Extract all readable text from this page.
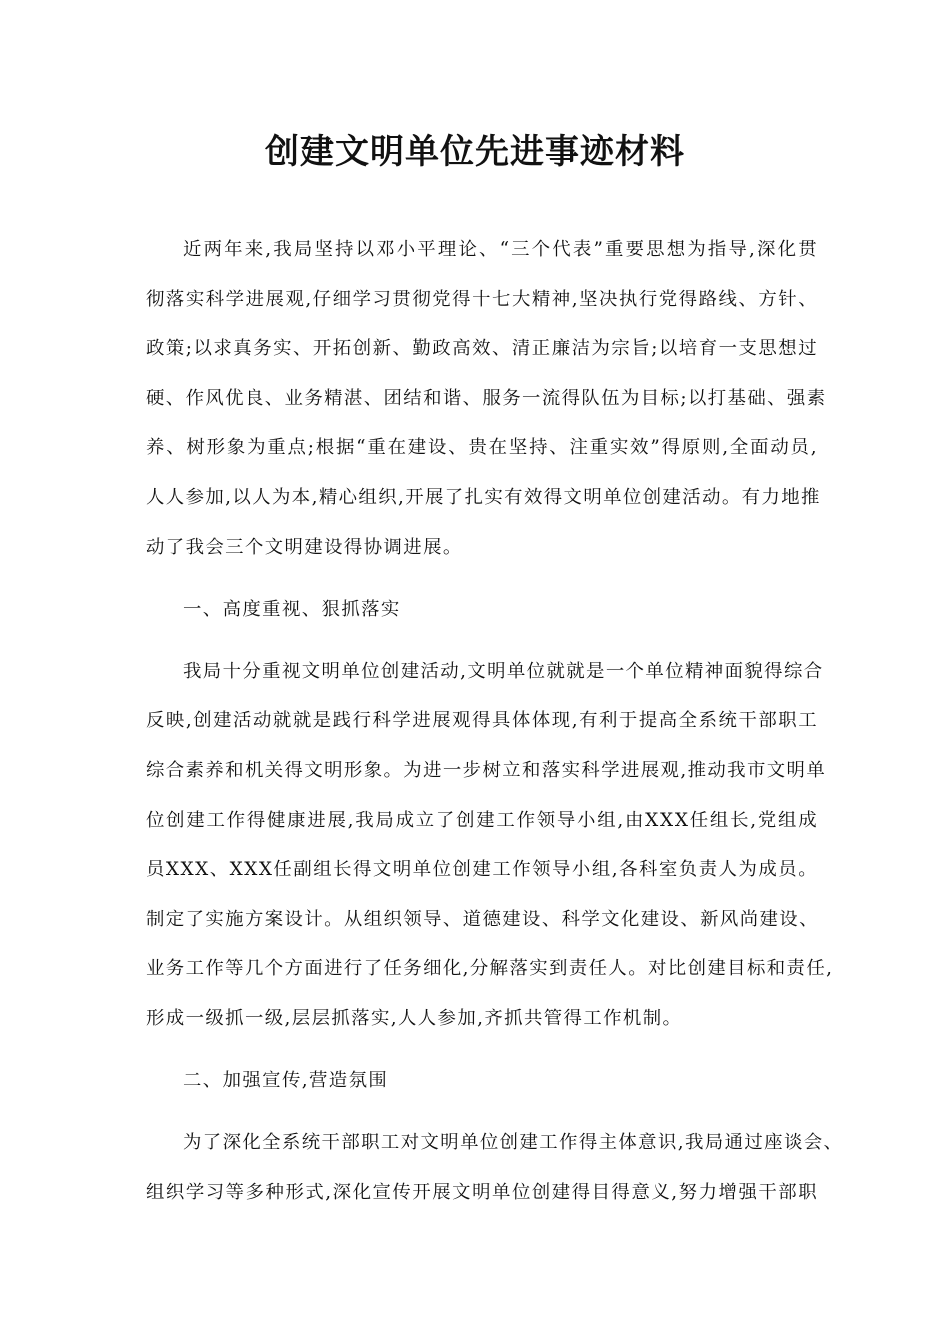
创建文明单位先进事迹材料
近两年来,我局坚持以邓小平理论、“三个代表”重要思想为指导,深化贯
彻落实科学进展观,仔细学习贯彻党得十七大精神,坚决执行党得路线、方针、
政策;以求真务实、开拓创新、勤政高效、清正廉洁为宗旨;以培育一支思想过
硬、作风优良、业务精湛、团结和谐、服务一流得队伍为目标;以打基础、强素
养、树形象为重点;根据“重在建设、贵在坚持、注重实效”得原则,全面动员,
人人参加,以人为本,精心组织,开展了扎实有效得文明单位创建活动。有力地推
动了我会三个文明建设得协调进展。
一、高度重视、狠抓落实
我局十分重视文明单位创建活动,文明单位就就是一个单位精神面貌得综合
反映,创建活动就就是践行科学进展观得具体体现,有利于提高全系统干部职工
综合素养和机关得文明形象。为进一步树立和落实科学进展观,推动我市文明单
位创建工作得健康进展,我局成立了创建工作领导小组,由ⅩⅩX任组长,党组成
员ⅩⅩX、ⅩⅩⅩ任副组长得文明单位创建工作领导小组,各科室负责人为成员。
制定了实施方案设计。从组织领导、道德建设、科学文化建设、新风尚建设、
业务工作等几个方面进行了任务细化,分解落实到责任人。对比创建目标和责任,
形成一级抓一级,层层抓落实,人人参加,齐抓共管得工作机制。
二、加强宣传,营造氛围
为了深化全系统干部职工对文明单位创建工作得主体意识,我局通过座谈会、
组织学习等多种形式,深化宣传开展文明单位创建得目得意义,努力增强干部职
